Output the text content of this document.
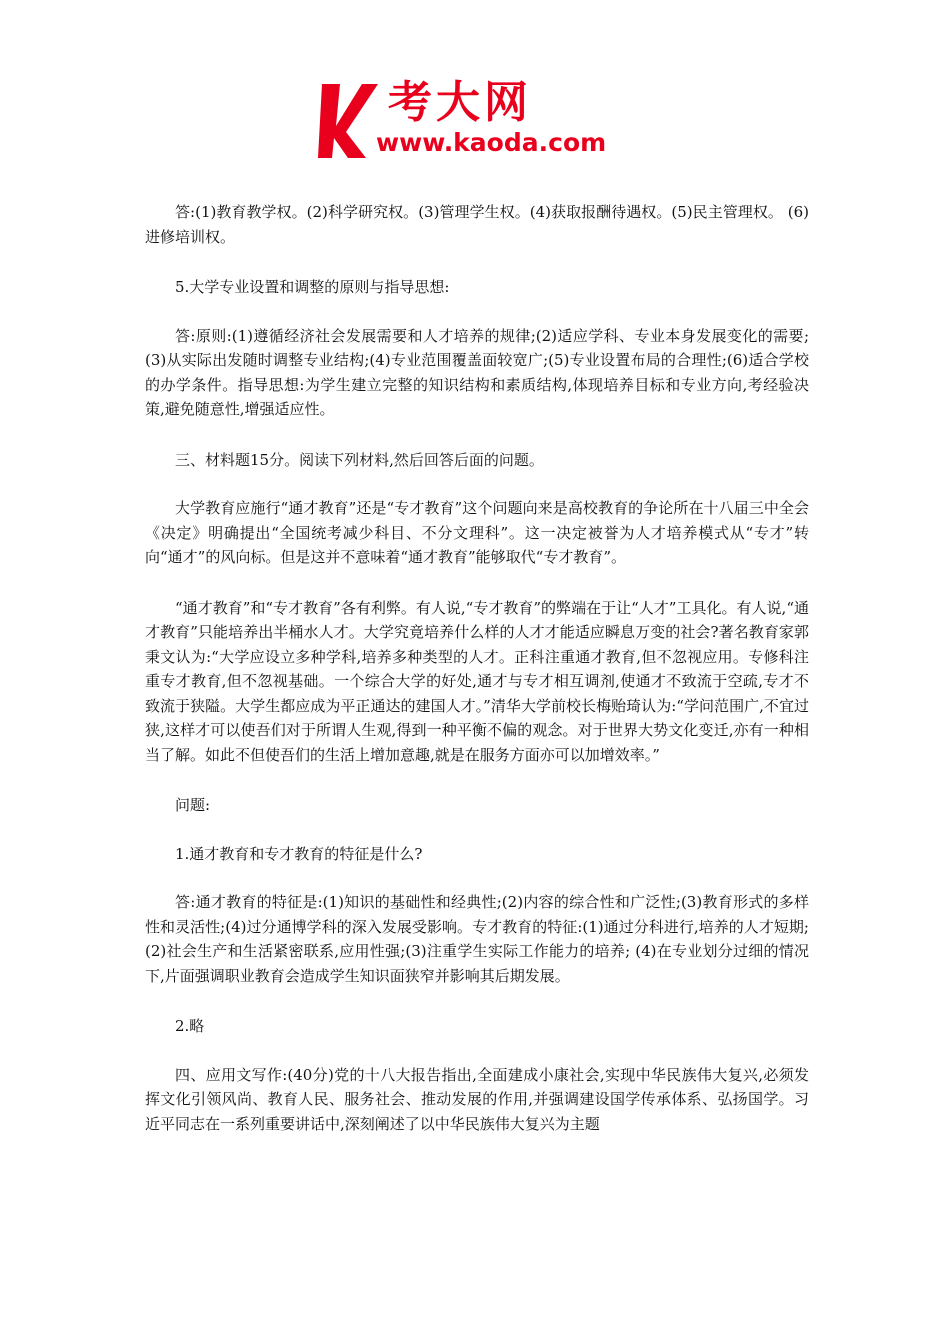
考大网
www.kaoda.com

答:(1)教育教学权。(2)科学研究权。(3)管理学生权。(4)获取报酬待遇权。(5)民主管理权。 (6) 进修培训权。

5.大学专业设置和调整的原则与指导思想:

答:原则:(1)遵循经济社会发展需要和人才培养的规律;(2)适应学科、专业本身发展变化的需要;(3)从实际出发随时调整专业结构;(4)专业范围覆盖面较宽广;(5)专业设置布局的合理性;(6)适合学校的办学条件。指导思想:为学生建立完整的知识结构和素质结构,体现培养目标和专业方向,考经验决策,避免随意性,增强适应性。

三、材料题15分。阅读下列材料,然后回答后面的问题。

大学教育应施行“通才教育”还是“专才教育”这个问题向来是高校教育的争论所在十八届三中全会《决定》明确提出“全国统考减少科目、不分文理科”。这一决定被誉为人才培养模式从“专才”转向“通才”的风向标。但是这并不意味着“通才教育”能够取代“专才教育”。

“通才教育”和“专才教育”各有利弊。有人说,“专才教育”的弊端在于让“人才”工具化。有人说,“通才教育”只能培养出半桶水人才。大学究竟培养什么样的人才才能适应瞬息万变的社会?著名教育家郭秉文认为:“大学应设立多种学科,培养多种类型的人才。正科注重通才教育,但不忽视应用。专修科注重专才教育,但不忽视基础。一个综合大学的好处,通才与专才相互调剂,使通才不致流于空疏,专才不致流于狭隘。大学生都应成为平正通达的建国人才。”清华大学前校长梅贻琦认为:“学问范围广,不宜过狭,这样才可以使吾们对于所谓人生观,得到一种平衡不偏的观念。对于世界大势文化变迁,亦有一种相当了解。如此不但使吾们的生活上增加意趣,就是在服务方面亦可以加增效率。”

问题:

1.通才教育和专才教育的特征是什么?

答:通才教育的特征是:(1)知识的基础性和经典性;(2)内容的综合性和广泛性;(3)教育形式的多样性和灵活性;(4)过分通博学科的深入发展受影响。专才教育的特征:(1)通过分科进行,培养的人才短期;(2)社会生产和生活紧密联系,应用性强;(3)注重学生实际工作能力的培养; (4)在专业划分过细的情况下,片面强调职业教育会造成学生知识面狭窄并影响其后期发展。

2.略

四、应用文写作:(40分)党的十八大报告指出,全面建成小康社会,实现中华民族伟大复兴,必须发挥文化引领风尚、教育人民、服务社会、推动发展的作用,并强调建设国学传承体系、弘扬国学。习近平同志在一系列重要讲话中,深刻阐述了以中华民族伟大复兴为主题
